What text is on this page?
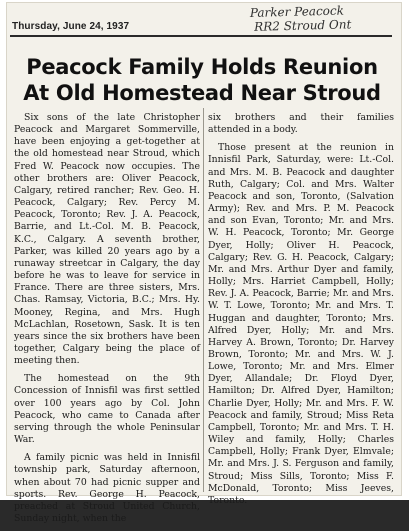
Parker Peacock
RR2 Stroud Ont
Thursday, June 24, 1937
Peacock Family Holds Reunion
At Old Homestead Near Stroud

Six sons of the late Christopher Peacock and Margaret Sommerville, have been enjoying a get-together at the old homestead near Stroud, which Fred W. Peacock now occupies. The other brothers are: Oliver Peacock, Calgary, retired rancher; Rev. Geo. H. Peacock, Calgary; Rev. Percy M. Peacock, Toronto; Rev. J. A. Peacock, Barrie, and Lt.-Col. M. B. Peacock, K.C., Calgary. A seventh brother, Parker, was killed 20 years ago by a runaway streetcar in Calgary, the day before he was to leave for service in France. There are three sisters, Mrs. Chas. Ramsay, Victoria, B.C.; Mrs. Hy. Mooney, Regina, and Mrs. Hugh McLachlan, Rosetown, Sask. It is ten years since the six brothers have been together, Calgary being the place of meeting then.

The homestead on the 9th Concession of Innisfil was first settled over 100 years ago by Col. John Peacock, who came to Canada after serving through the whole Peninsular War.

A family picnic was held in Innisfil township park, Saturday afternoon, when about 70 had picnic supper and sports. Rev. George H. Peacock, preached at Stroud United Church, Sunday night, when the

six brothers and their families attended in a body.

Those present at the reunion in Innisfil Park, Saturday, were: Lt.-Col. and Mrs. M. B. Peacock and daughter Ruth, Calgary; Col. and Mrs. Walter Peacock and son, Toronto, (Salvation Army); Rev. and Mrs. P. M. Peacock and son Evan, Toronto; Mr. and Mrs. W. H. Peacock, Toronto; Mr. George Dyer, Holly; Oliver H. Peacock, Calgary; Rev. G. H. Peacock, Calgary; Mr. and Mrs. Arthur Dyer and family, Holly; Mrs. Harriet Campbell, Holly; Rev. J. A. Peacock, Barrie; Mr. and Mrs. W. T. Lowe, Toronto; Mr. and Mrs. T. Huggan and daughter, Toronto; Mrs. Alfred Dyer, Holly; Mr. and Mrs. Harvey A. Brown, Toronto; Dr. Harvey Brown, Toronto; Mr. and Mrs. W. J. Lowe, Toronto; Mr. and Mrs. Elmer Dyer, Allandale; Dr. Floyd Dyer, Hamilton; Dr. Alfred Dyer, Hamilton; Charlie Dyer, Holly; Mr. and Mrs. F. W. Peacock and family, Stroud; Miss Reta Campbell, Toronto; Mr. and Mrs. T. H. Wiley and family, Holly; Charles Campbell, Holly; Frank Dyer, Elmvale; Mr. and Mrs. J. S. Ferguson and family, Stroud; Miss Sills, Toronto; Miss F. McDonald, Toronto; Miss Jeeves, Toronto.
